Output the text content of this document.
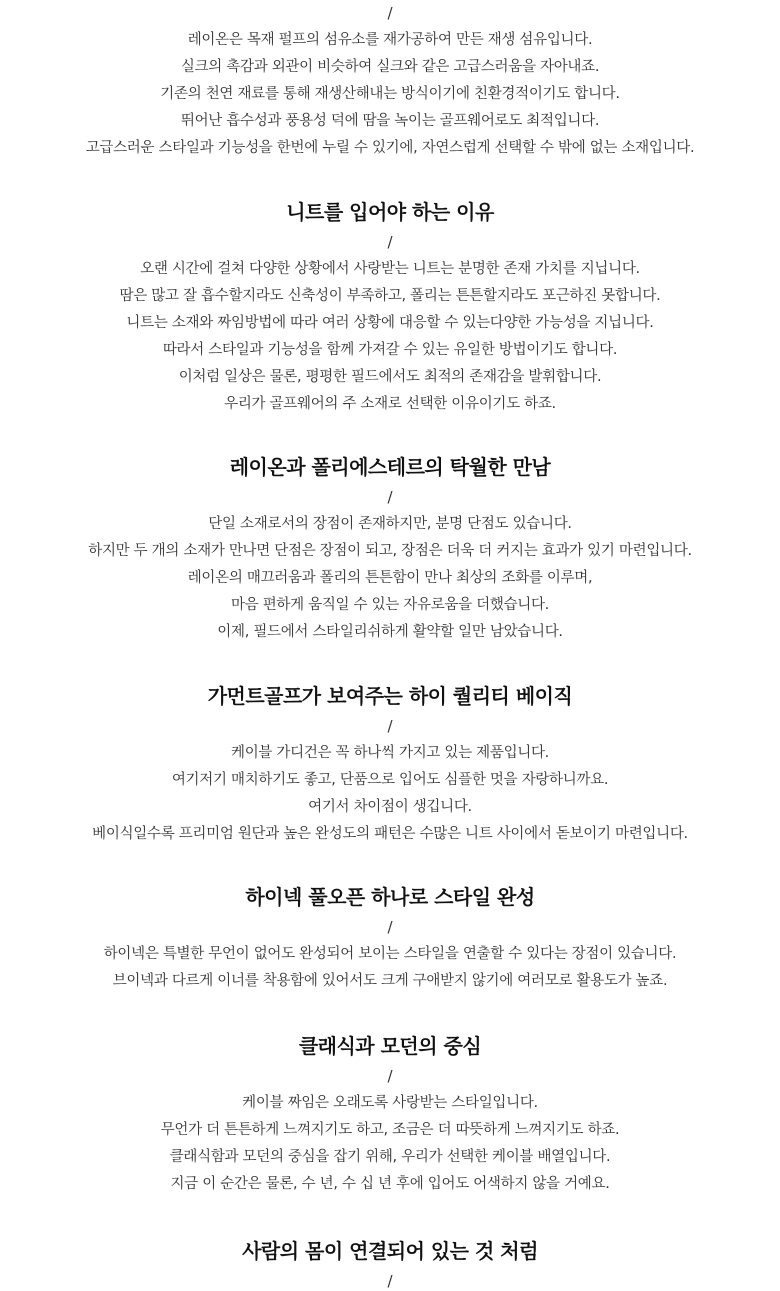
/
레이온은 목재 펄프의 섬유소를 재가공하여 만든 재생 섬유입니다.
실크의 촉감과 외관이 비슷하여 실크와 같은 고급스러움을 자아내죠.
기존의 천연 재료를 통해 재생산해내는 방식이기에 친환경적이기도 합니다.
뛰어난 흡수성과 풍용성 덕에 땀을 녹이는 골프웨어로도 최적입니다.
고급스러운 스타일과 기능성을 한번에 누릴 수 있기에, 자연스럽게 선택할 수 밖에 없는 소재입니다.
니트를 입어야 하는 이유
/
오랜 시간에 걸쳐 다양한 상황에서 사랑받는 니트는 분명한 존재 가치를 지닙니다.
땀은 많고 잘 흡수할지라도 신축성이 부족하고, 폴리는 튼튼할지라도 포근하진 못합니다.
니트는 소재와 짜임방법에 따라 여러 상황에 대응할 수 있는다양한 가능성을 지닙니다.
따라서 스타일과 기능성을 함께 가져갈 수 있는 유일한 방법이기도 합니다.
이처럼 일상은 물론, 평평한 필드에서도 최적의 존재감을 발휘합니다.
우리가 골프웨어의 주 소재로 선택한 이유이기도 하죠.
레이온과 폴리에스테르의 탁월한 만남
/
단일 소재로서의 장점이 존재하지만, 분명 단점도 있습니다.
하지만 두 개의 소재가 만나면 단점은 장점이 되고, 장점은 더욱 더 커지는 효과가 있기 마련입니다.
레이온의 매끄러움과 폴리의 튼튼함이 만나 최상의 조화를 이루며,
마음 편하게 움직일 수 있는 자유로움을 더했습니다.
이제, 필드에서 스타일리쉬하게 활약할 일만 남았습니다.
가먼트골프가 보여주는 하이 퀄리티 베이직
/
케이블 가디건은 꼭 하나씩 가지고 있는 제품입니다.
여기저기 매치하기도 좋고, 단품으로 입어도 심플한 멋을 자랑하니까요.
여기서 차이점이 생깁니다.
베이식일수록 프리미엄 원단과 높은 완성도의 패턴은 수많은 니트 사이에서 돋보이기 마련입니다.
하이넥 풀오픈 하나로 스타일 완성
/
하이넥은 특별한 무언이 없어도 완성되어 보이는 스타일을 연출할 수 있다는 장점이 있습니다.
브이넥과 다르게 이너를 착용함에 있어서도 크게 구애받지 않기에 여러모로 활용도가 높죠.
클래식과 모던의 중심
/
케이블 짜임은 오래도록 사랑받는 스타일입니다.
무언가 더 튼튼하게 느껴지기도 하고, 조금은 더 따뜻하게 느껴지기도 하죠.
클래식함과 모던의 중심을 잡기 위해, 우리가 선택한 케이블 배열입니다.
지금 이 순간은 물론, 수 년, 수 십 년 후에 입어도 어색하지 않을 거예요.
사람의 몸이 연결되어 있는 것 처럼
/
